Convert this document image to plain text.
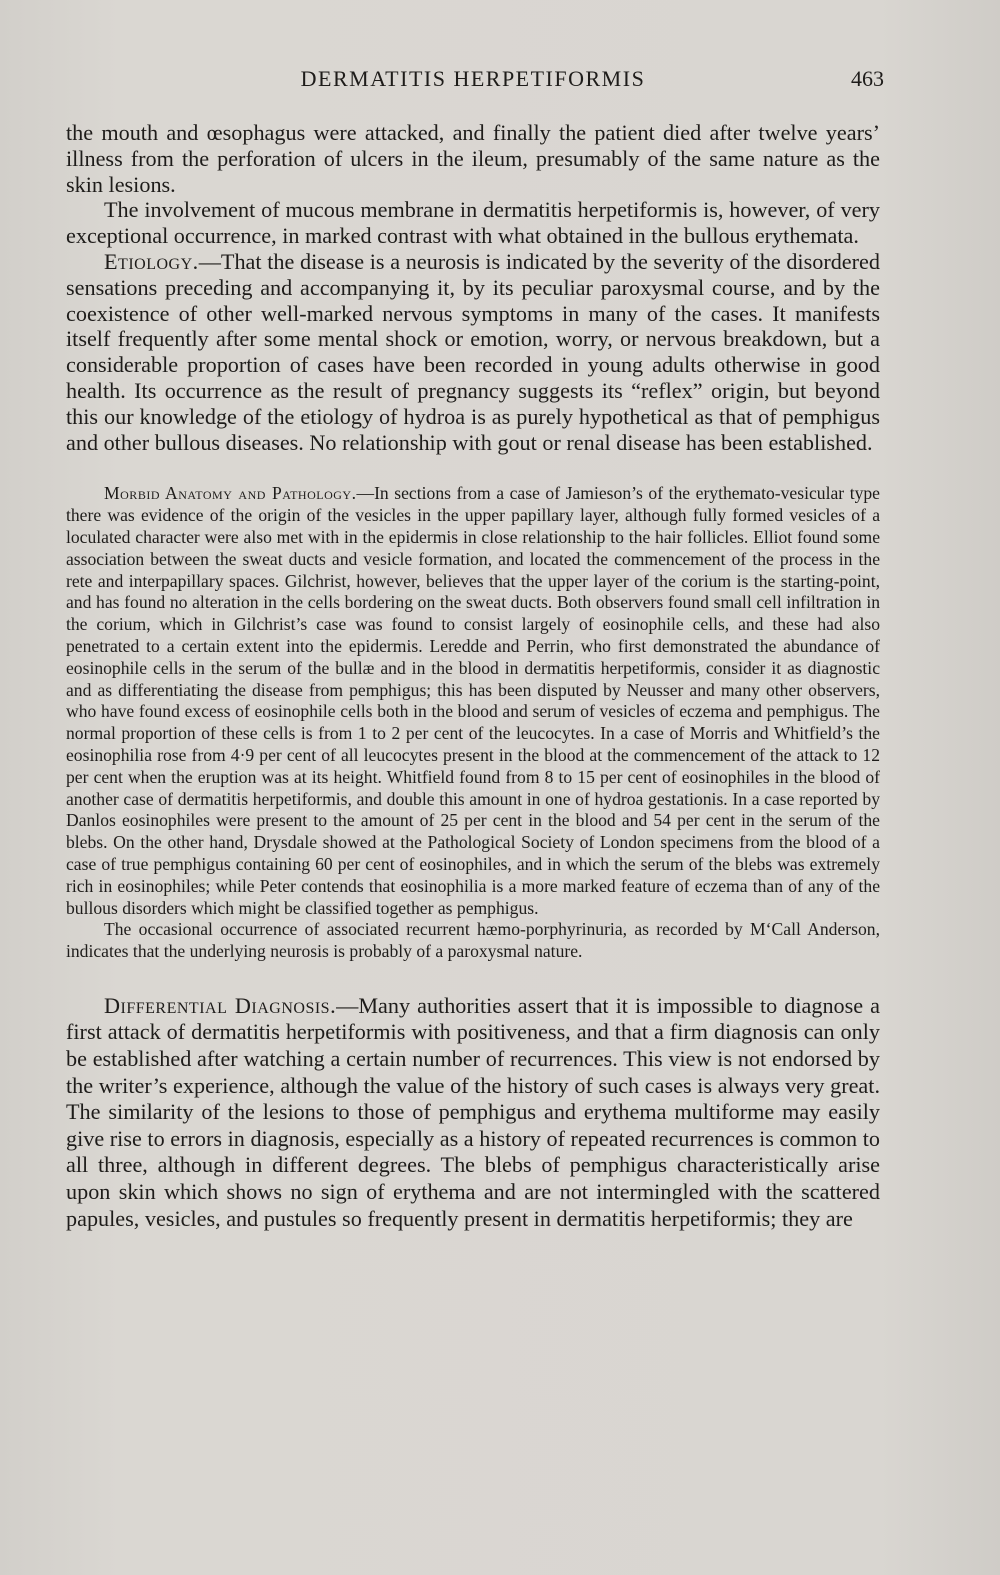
DERMATITIS HERPETIFORMIS	463

the mouth and œsophagus were attacked, and finally the patient died after twelve years’ illness from the perforation of ulcers in the ileum, presumably of the same nature as the skin lesions.

The involvement of mucous membrane in dermatitis herpetiformis is, however, of very exceptional occurrence, in marked contrast with what obtained in the bullous erythemata.

Etiology.—That the disease is a neurosis is indicated by the severity of the disordered sensations preceding and accompanying it, by its peculiar paroxysmal course, and by the coexistence of other well-marked nervous symptoms in many of the cases. It manifests itself frequently after some mental shock or emotion, worry, or nervous breakdown, but a considerable proportion of cases have been recorded in young adults otherwise in good health. Its occurrence as the result of pregnancy suggests its “reflex” origin, but beyond this our knowledge of the etiology of hydroa is as purely hypothetical as that of pemphigus and other bullous diseases. No relationship with gout or renal disease has been established.

Morbid Anatomy and Pathology.—In sections from a case of Jamieson’s of the erythemato-vesicular type there was evidence of the origin of the vesicles in the upper papillary layer, although fully formed vesicles of a loculated character were also met with in the epidermis in close relationship to the hair follicles. Elliot found some association between the sweat ducts and vesicle formation, and located the commencement of the process in the rete and interpapillary spaces. Gilchrist, however, believes that the upper layer of the corium is the starting-point, and has found no alteration in the cells bordering on the sweat ducts. Both observers found small cell infiltration in the corium, which in Gilchrist’s case was found to consist largely of eosinophile cells, and these had also penetrated to a certain extent into the epidermis. Leredde and Perrin, who first demonstrated the abundance of eosinophile cells in the serum of the bullæ and in the blood in dermatitis herpetiformis, consider it as diagnostic and as differentiating the disease from pemphigus; this has been disputed by Neusser and many other observers, who have found excess of eosinophile cells both in the blood and serum of vesicles of eczema and pemphigus. The normal proportion of these cells is from 1 to 2 per cent of the leucocytes. In a case of Morris and Whitfield’s the eosinophilia rose from 4·9 per cent of all leucocytes present in the blood at the commencement of the attack to 12 per cent when the eruption was at its height. Whitfield found from 8 to 15 per cent of eosinophiles in the blood of another case of dermatitis herpetiformis, and double this amount in one of hydroa gestationis. In a case reported by Danlos eosinophiles were present to the amount of 25 per cent in the blood and 54 per cent in the serum of the blebs. On the other hand, Drysdale showed at the Pathological Society of London specimens from the blood of a case of true pemphigus containing 60 per cent of eosinophiles, and in which the serum of the blebs was extremely rich in eosinophiles; while Peter contends that eosinophilia is a more marked feature of eczema than of any of the bullous disorders which might be classified together as pemphigus.

The occasional occurrence of associated recurrent hæmo-porphyrinuria, as recorded by M‘Call Anderson, indicates that the underlying neurosis is probably of a paroxysmal nature.

Differential Diagnosis.—Many authorities assert that it is impossible to diagnose a first attack of dermatitis herpetiformis with positiveness, and that a firm diagnosis can only be established after watching a certain number of recurrences. This view is not endorsed by the writer’s experience, although the value of the history of such cases is always very great. The similarity of the lesions to those of pemphigus and erythema multiforme may easily give rise to errors in diagnosis, especially as a history of repeated recurrences is common to all three, although in different degrees. The blebs of pemphigus characteristically arise upon skin which shows no sign of erythema and are not intermingled with the scattered papules, vesicles, and pustules so frequently present in dermatitis herpetiformis; they are
